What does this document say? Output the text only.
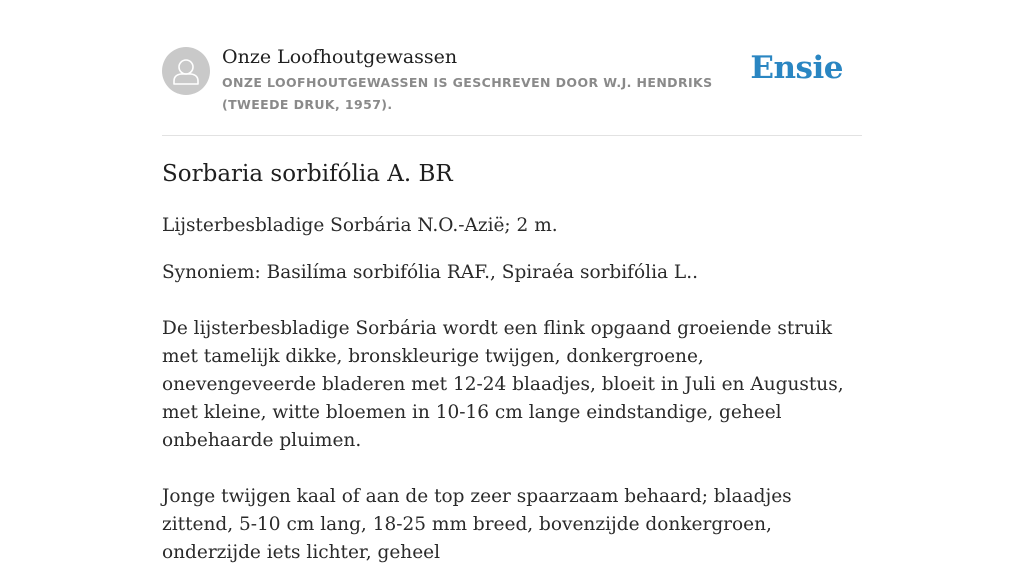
Onze Loofhoutgewassen
ONZE LOOFHOUTGEWASSEN IS GESCHREVEN DOOR W.J. HENDRIKS (TWEEDE DRUK, 1957).
Ensie
Sorbaria sorbifólia A. BR

Lijsterbesbladige Sorbária N.O.-Azië; 2 m.

Synoniem: Basilíma sorbifólia RAF., Spiraéa sorbifólia L..

De lijsterbesbladige Sorbária wordt een flink opgaand groeiende struik met tamelijk dikke, bronskleurige twijgen, donkergroene, onevengeveerde bladeren met 12-24 blaadjes, bloeit in Juli en Augustus, met kleine, witte bloemen in 10-16 cm lange eindstandige, geheel onbehaarde pluimen.

Jonge twijgen kaal of aan de top zeer spaarzaam behaard; blaadjes zittend, 5-10 cm lang, 18-25 mm breed, bovenzijde donkergroen, onderzijde iets lichter, geheel
